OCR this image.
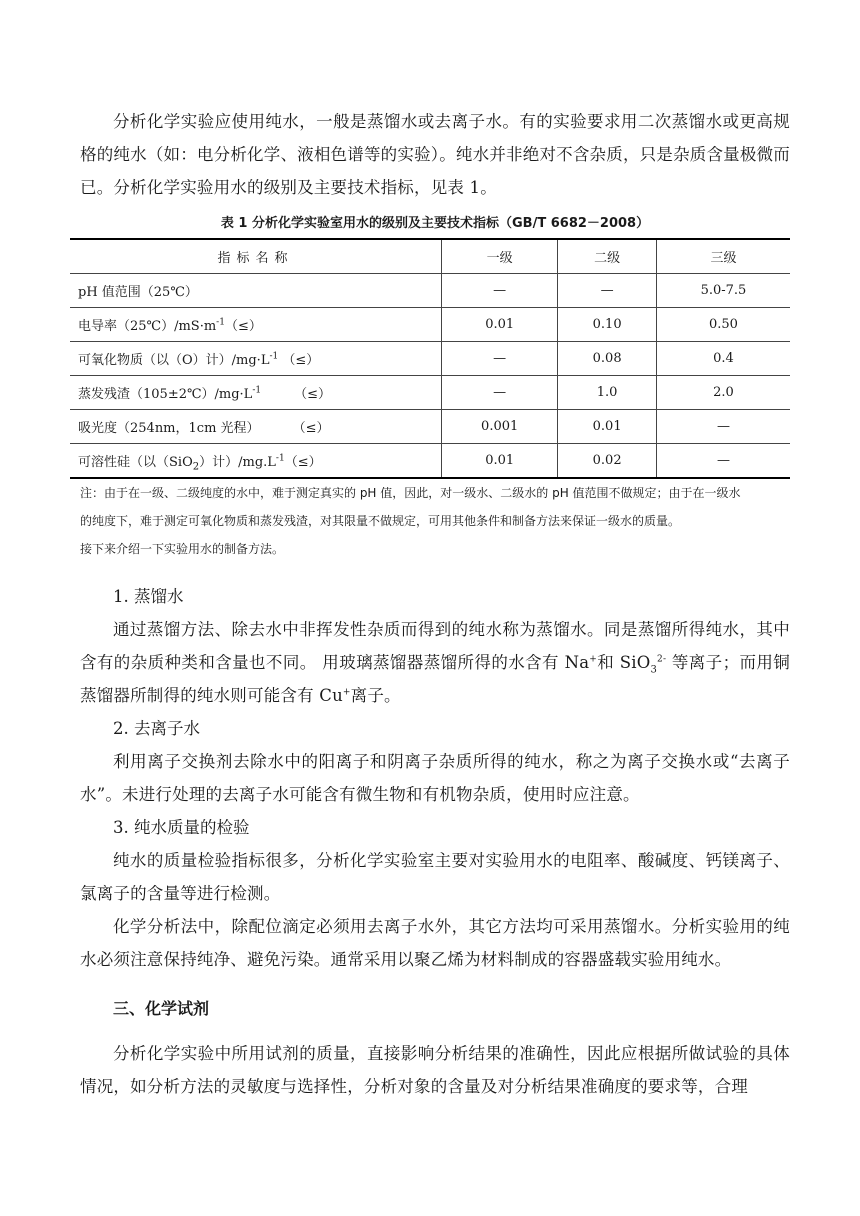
分析化学实验应使用纯水，一般是蒸馏水或去离子水。有的实验要求用二次蒸馏水或更高规格的纯水（如：电分析化学、液相色谱等的实验）。纯水并非绝对不含杂质，只是杂质含量极微而已。分析化学实验用水的级别及主要技术指标，见表 1。

表 1 分析化学实验室用水的级别及主要技术指标（GB/T 6682－2008）
指标名称	一级	二级	三级
pH 值范围（25℃）	—	—	5.0-7.5
电导率$(25℃)/mS\cdot m^{-1}(\le)$	0.01	0.10	0.50
可氧化物质（以（O）计）$/mg\cdot L^{-1}$ （≤）	—	0.08	0.4
蒸发残渣$(105\pm 2℃)/mg\cdot L^{-1}$        （≤）	—	1.0	2.0
吸光度（254nm，1cm 光程）        （≤）	0.001	0.01	—
可溶性硅（以（SiO$_2$）计）$/mg.L^{-1}(\le)$	0.01	0.02	—

注：由于在一级、二级纯度的水中，难于测定真实的 pH 值，因此，对一级水、二级水的 pH 值范围不做规定；由于在一级水

的纯度下，难于测定可氧化物质和蒸发残渣，对其限量不做规定，可用其他条件和制备方法来保证一级水的质量。

接下来介绍一下实验用水的制备方法。

1. 蒸馏水

通过蒸馏方法、除去水中非挥发性杂质而得到的纯水称为蒸馏水。同是蒸馏所得纯水，其中含有的杂质种类和含量也不同。 用玻璃蒸馏器蒸馏所得的水含有 Na+和 SiO$_3^{2-}$ 等离子；而用铜蒸馏器所制得的纯水则可能含有 Cu+离子。

2. 去离子水

利用离子交换剂去除水中的阳离子和阴离子杂质所得的纯水，称之为离子交换水或“去离子水”。未进行处理的去离子水可能含有微生物和有机物杂质，使用时应注意。

3. 纯水质量的检验

纯水的质量检验指标很多，分析化学实验室主要对实验用水的电阻率、酸碱度、钙镁离子、氯离子的含量等进行检测。

化学分析法中，除配位滴定必须用去离子水外，其它方法均可采用蒸馏水。分析实验用的纯水必须注意保持纯净、避免污染。通常采用以聚乙烯为材料制成的容器盛载实验用纯水。

三、化学试剂

分析化学实验中所用试剂的质量，直接影响分析结果的准确性，因此应根据所做试验的具体情况，如分析方法的灵敏度与选择性，分析对象的含量及对分析结果准确度的要求等，合理
